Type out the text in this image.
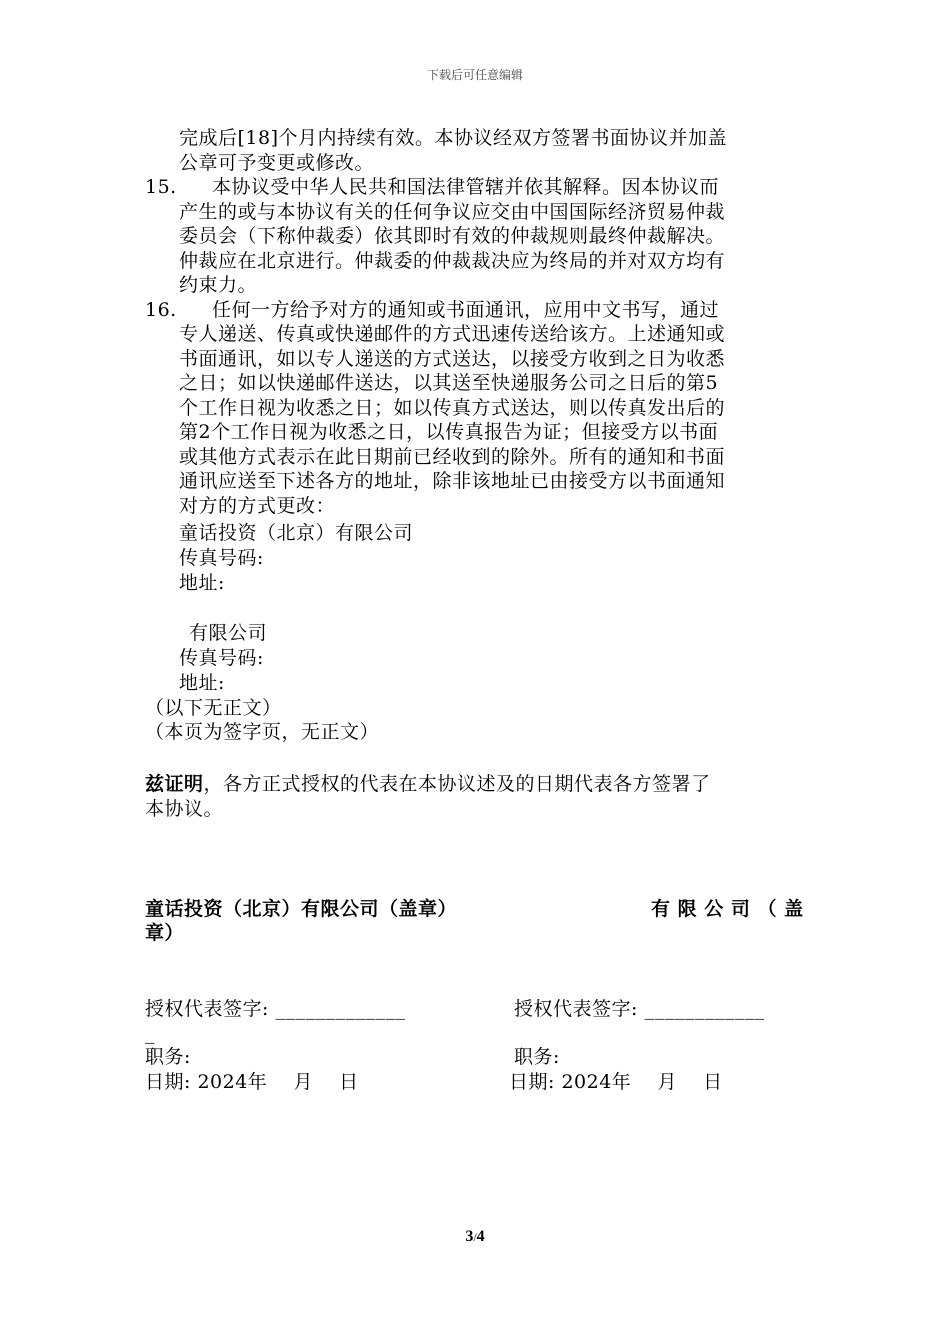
下载后可任意编辑
完成后[18]个月内持续有效。本协议经双方签署书面协议并加盖
公章可予变更或修改。
15. 本协议受中华人民共和国法律管辖并依其解释。因本协议而
产生的或与本协议有关的任何争议应交由中国国际经济贸易仲裁
委员会（下称仲裁委）依其即时有效的仲裁规则最终仲裁解决。
仲裁应在北京进行。仲裁委的仲裁裁决应为终局的并对双方均有
约束力。
16. 任何一方给予对方的通知或书面通讯，应用中文书写，通过
专人递送、传真或快递邮件的方式迅速传送给该方。上述通知或
书面通讯，如以专人递送的方式送达，以接受方收到之日为收悉
之日；如以快递邮件送达，以其送至快递服务公司之日后的第5
个工作日视为收悉之日；如以传真方式送达，则以传真发出后的
第2个工作日视为收悉之日，以传真报告为证；但接受方以书面
或其他方式表示在此日期前已经收到的除外。所有的通知和书面
通讯应送至下述各方的地址，除非该地址已由接受方以书面通知
对方的方式更改：
童话投资（北京）有限公司
传真号码:
地址:
有限公司
传真号码:
地址:
（以下无正文）
（本页为签字页，无正文）
兹证明，各方正式授权的代表在本协议述及的日期代表各方签署了
本协议。
童话投资（北京）有限公司（盖章）	有 限 公 司 （ 盖
章）
授权代表签字: _____________	授权代表签字: ____________
_
职务:	职务:
日期: 2024年    月    日	日期: 2024年    月    日
3/4
